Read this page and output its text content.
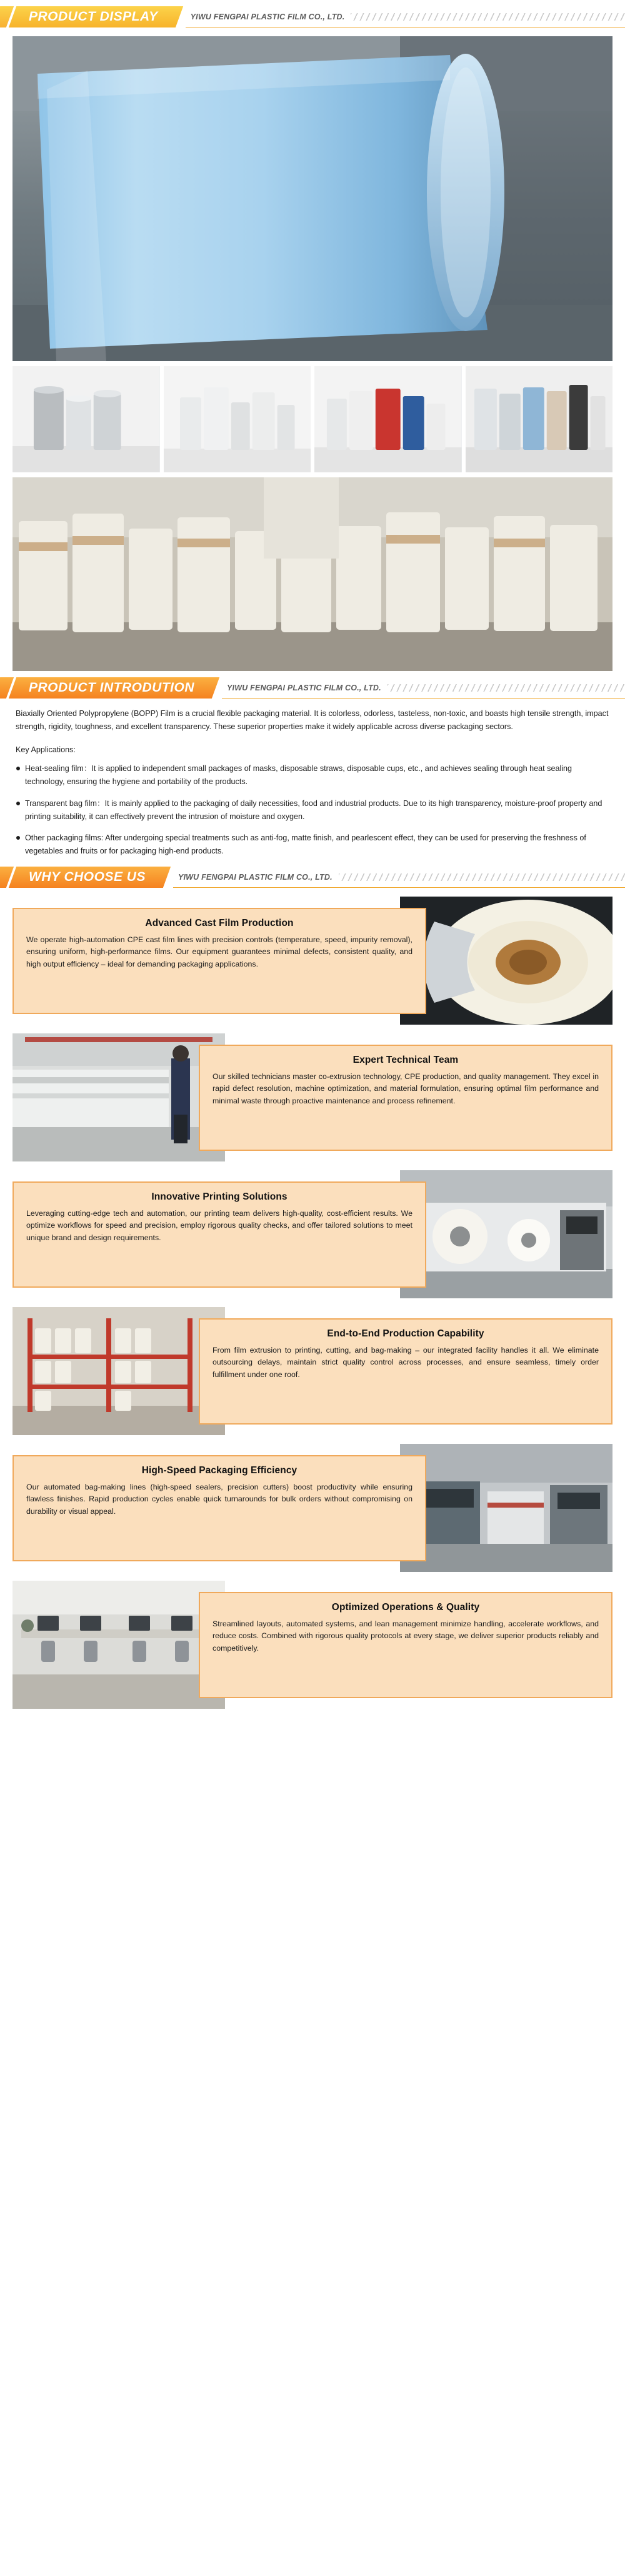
PRODUCT DISPLAY	YIWU FENGPAI PLASTIC FILM CO., LTD.
PRODUCT INTRODUTION	YIWU FENGPAI PLASTIC FILM CO., LTD.

Biaxially Oriented Polypropylene (BOPP) Film is a crucial flexible packaging material. It is colorless, odorless, tasteless, non-toxic, and boasts high tensile strength, impact strength, rigidity, toughness, and excellent transparency. These superior properties make it widely applicable across diverse packaging sectors.

Key Applications:

Heat-sealing film：It is applied to independent small packages of masks, disposable straws, disposable cups, etc., and achieves sealing through heat sealing technology, ensuring the hygiene and portability of the products.
Transparent bag film：It is mainly applied to the packaging of daily necessities, food and industrial products. Due to its high transparency, moisture-proof property and printing suitability, it can effectively prevent the intrusion of moisture and oxygen.
Other packaging films: After undergoing special treatments such as anti-fog, matte finish, and pearlescent effect, they can be used for preserving the freshness of vegetables and fruits or for packaging high-end products.
WHY CHOOSE US	YIWU FENGPAI PLASTIC FILM CO., LTD.
Advanced Cast Film Production

We operate high-automation CPE cast film lines with precision controls (temperature, speed, impurity removal), ensuring uniform, high-performance films. Our equipment guarantees minimal defects, consistent quality, and high output efficiency – ideal for demanding packaging applications.

Expert Technical Team

Our skilled technicians master co-extrusion technology, CPE production, and quality management. They excel in rapid defect resolution, machine optimization, and material formulation, ensuring optimal film performance and minimal waste through proactive maintenance and process refinement.

Innovative Printing Solutions

Leveraging cutting-edge tech and automation, our printing team delivers high-quality, cost-efficient results. We optimize workflows for speed and precision, employ rigorous quality checks, and offer tailored solutions to meet unique brand and design requirements.

End-to-End Production Capability

From film extrusion to printing, cutting, and bag-making – our integrated facility handles it all. We eliminate outsourcing delays, maintain strict quality control across processes, and ensure seamless, timely order fulfillment under one roof.

High-Speed Packaging Efficiency

Our automated bag-making lines (high-speed sealers, precision cutters) boost productivity while ensuring flawless finishes. Rapid production cycles enable quick turnarounds for bulk orders without compromising on durability or visual appeal.

Optimized Operations & Quality

Streamlined layouts, automated systems, and lean management minimize handling, accelerate workflows, and reduce costs. Combined with rigorous quality protocols at every stage, we deliver superior products reliably and competitively.
